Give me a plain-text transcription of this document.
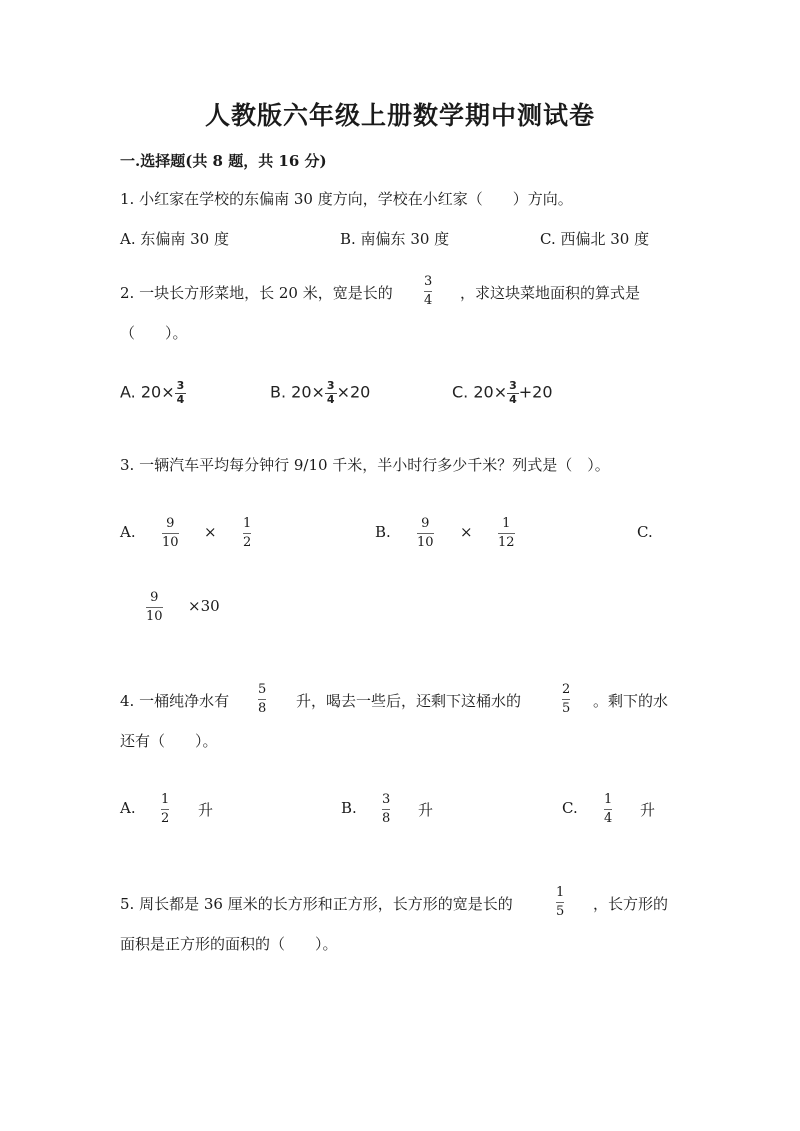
人教版六年级上册数学期中测试卷
一.选择题(共 8 题，共 16 分)
1. 小红家在学校的东偏南 30 度方向，学校在小红家（　　）方向。
A. 东偏南 30 度	B. 南偏东 30 度	C. 西偏北 30 度
2. 一块长方形菜地，长 20 米，宽是长的
3
4 ，求这块菜地面积的算式是
（　　）。
A. $20\times \frac{3}{4}$	B. $20\times \frac{3}{4} \times 20$	C. $20\times \frac{3}{4} +20$
3. 一辆汽车平均每分钟行 9/10 千米，半小时行多少千米？列式是（　）。
A. 9
10
× 1
2
B. 9
10
× 1
12
C.
9
10
×30
4. 一桶纯净水有
5
8 升，喝去一些后，还剩下这桶水的
2
5 。剩下的水
还有（　　）。
A. 1
2 升	B. 3
8 升	C. 1
4 升
5. 周长都是 36 厘米的长方形和正方形，长方形的宽是长的
1
5 ，长方形的
面积是正方形的面积的（　　）。
